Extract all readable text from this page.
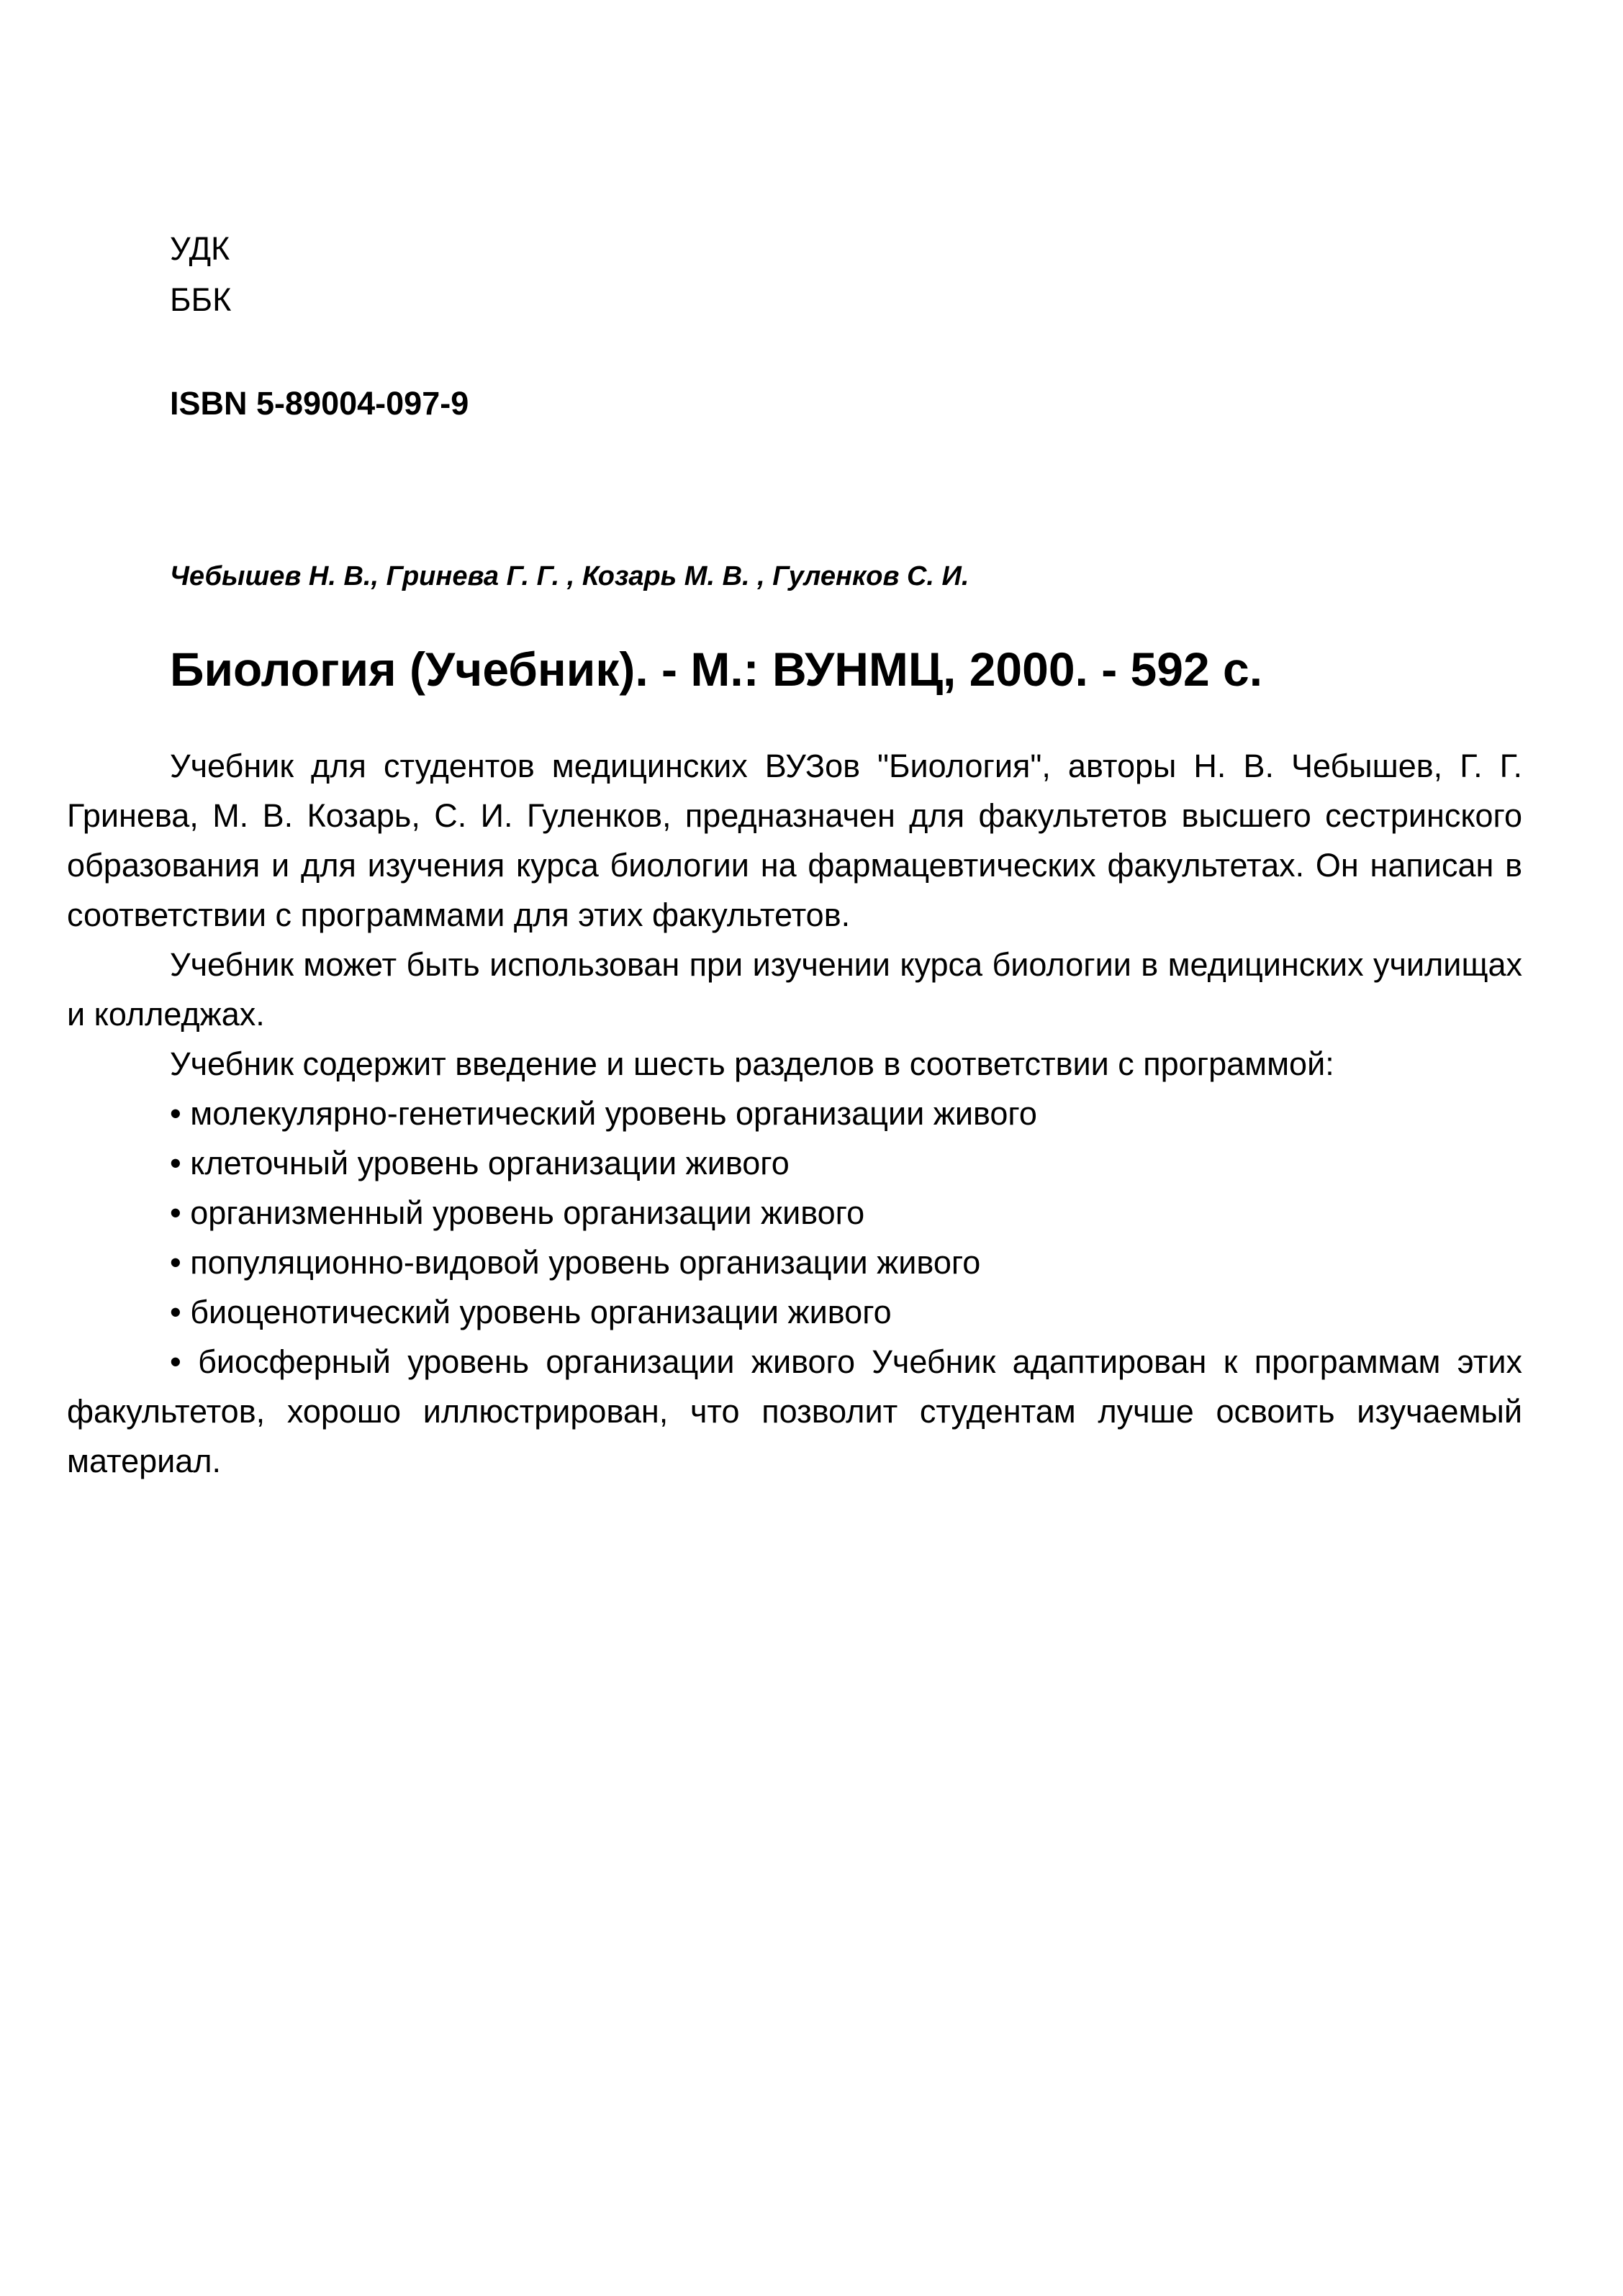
УДК
ББК
ISBN 5-89004-097-9
Чебышев Н. В., Гринева Г. Г. , Козарь М. В. , Гуленков С. И.
Биология (Учебник). - М.: ВУНМЦ, 2000. - 592 с.

Учебник для студентов медицинских ВУЗов "Биология", авторы Н. В. Чебышев, Г. Г. Гринева, М. В. Козарь, С. И. Гуленков, предназначен для факультетов высшего сестринского образования и для изучения курса биологии на фармацевтических факультетах. Он написан в соответствии с программами для этих факультетов.

Учебник может быть использован при изучении курса биологии в медицинских училищах и колледжах.

Учебник содержит введение и шесть разделов в соответствии с программой:

• молекулярно-генетический уровень организации живого

• клеточный уровень организации живого

• организменный уровень организации живого

• популяционно-видовой уровень организации живого

• биоценотический уровень организации живого

• биосферный уровень организации живого Учебник адаптирован к программам этих факультетов, хорошо иллюстрирован, что позволит студентам лучше освоить изучаемый материал.
